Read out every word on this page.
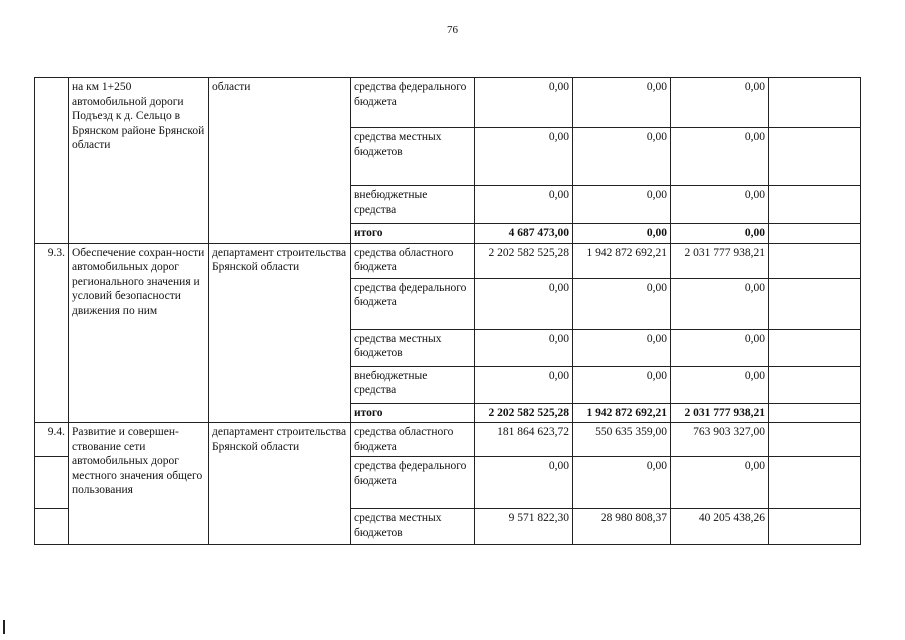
76
	на км 1+250 автомобильной дороги Подъезд к д. Сельцо в Брянском районе Брянской области	области	средства федерального бюджета	0,00	0,00	0,00	
			средства местных бюджетов	0,00	0,00	0,00	
			внебюджетные средства	0,00	0,00	0,00	
			итого	4 687 473,00	0,00	0,00	
9.3.	Обеспечение сохран-ности автомобильных дорог регионального значения и условий безопасности движения по ним	департамент строительства Брянской области	средства областного бюджета	2 202 582 525,28	1 942 872 692,21	2 031 777 938,21	
			средства федерального бюджета	0,00	0,00	0,00	
			средства местных бюджетов	0,00	0,00	0,00	
			внебюджетные средства	0,00	0,00	0,00	
			итого	2 202 582 525,28	1 942 872 692,21	2 031 777 938,21	
9.4.	Развитие и совершен-ствование сети автомобильных дорог местного значения общего пользования	департамент строительства Брянской области	средства областного бюджета	181 864 623,72	550 635 359,00	763 903 327,00	
			средства федерального бюджета	0,00	0,00	0,00	
			средства местных бюджетов	9 571 822,30	28 980 808,37	40 205 438,26	
